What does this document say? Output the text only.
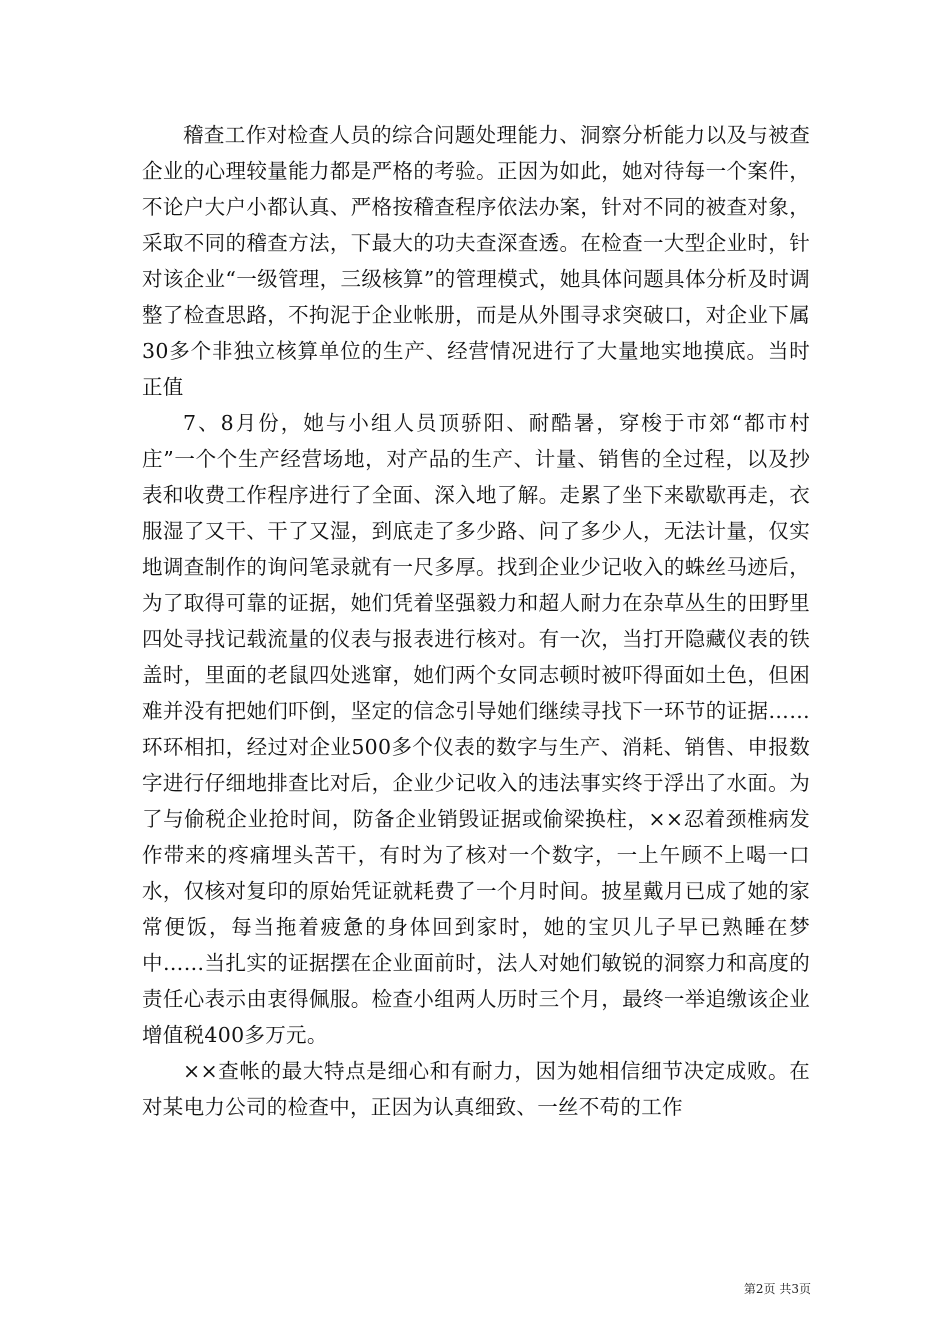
稽查工作对检查人员的综合问题处理能力、洞察分析能力以及与被查企业的心理较量能力都是严格的考验。正因为如此，她对待每一个案件，不论户大户小都认真、严格按稽查程序依法办案，针对不同的被查对象，采取不同的稽查方法，下最大的功夫查深查透。在检查一大型企业时，针对该企业“一级管理，三级核算”的管理模式，她具体问题具体分析及时调整了检查思路，不拘泥于企业帐册，而是从外围寻求突破口，对企业下属30多个非独立核算单位的生产、经营情况进行了大量地实地摸底。当时正值

7、8月份，她与小组人员顶骄阳、耐酷暑，穿梭于市郊“都市村庄”一个个生产经营场地，对产品的生产、计量、销售的全过程，以及抄表和收费工作程序进行了全面、深入地了解。走累了坐下来歇歇再走，衣服湿了又干、干了又湿，到底走了多少路、问了多少人，无法计量，仅实地调查制作的询问笔录就有一尺多厚。找到企业少记收入的蛛丝马迹后，为了取得可靠的证据，她们凭着坚强毅力和超人耐力在杂草丛生的田野里四处寻找记载流量的仪表与报表进行核对。有一次，当打开隐藏仪表的铁盖时，里面的老鼠四处逃窜，她们两个女同志顿时被吓得面如土色，但困难并没有把她们吓倒，坚定的信念引导她们继续寻找下一环节的证据……环环相扣，经过对企业500多个仪表的数字与生产、消耗、销售、申报数字进行仔细地排查比对后，企业少记收入的违法事实终于浮出了水面。为了与偷税企业抢时间，防备企业销毁证据或偷梁换柱，××忍着颈椎病发作带来的疼痛埋头苦干，有时为了核对一个数字，一上午顾不上喝一口水，仅核对复印的原始凭证就耗费了一个月时间。披星戴月已成了她的家常便饭，每当拖着疲惫的身体回到家时，她的宝贝儿子早已熟睡在梦中……当扎实的证据摆在企业面前时，法人对她们敏锐的洞察力和高度的责任心表示由衷得佩服。检查小组两人历时三个月，最终一举追缴该企业增值税400多万元。

××查帐的最大特点是细心和有耐力，因为她相信细节决定成败。在对某电力公司的检查中，正因为认真细致、一丝不苟的工作

第2页 共3页
